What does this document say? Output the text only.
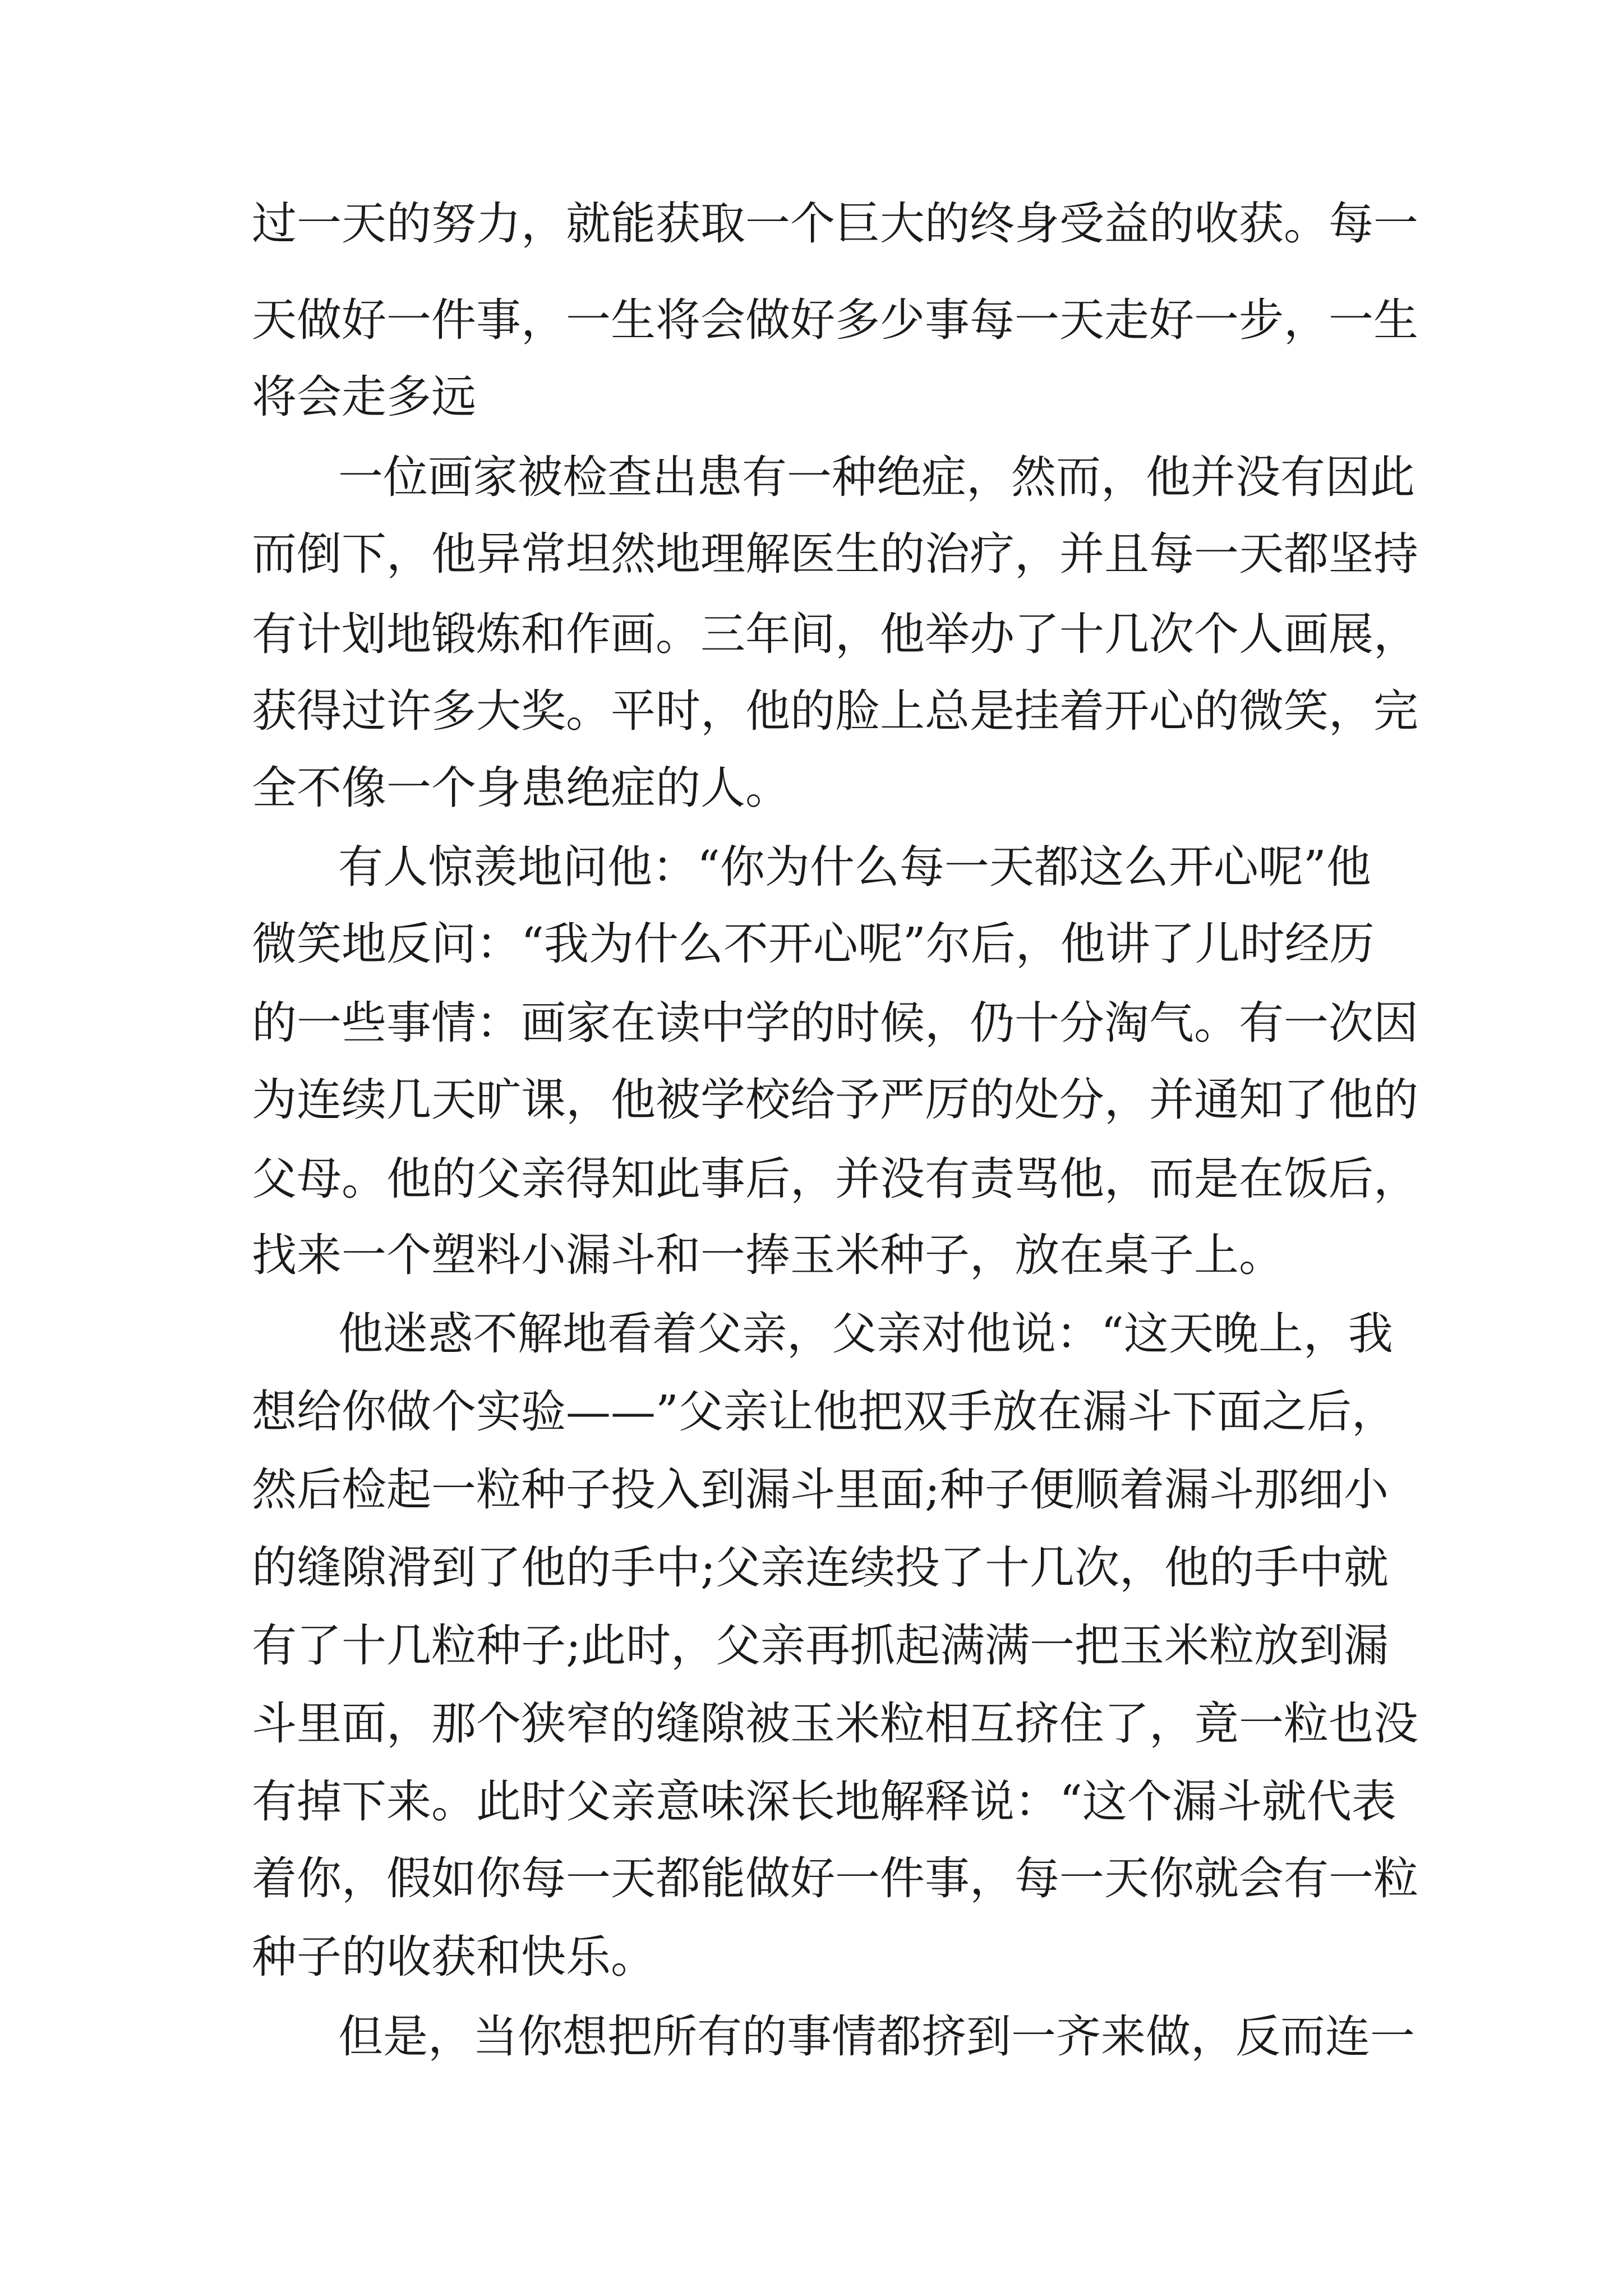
过一天的努力，就能获取一个巨大的终身受益的收获。每一
天做好一件事，一生将会做好多少事每一天走好一步，一生
将会走多远
一位画家被检查出患有一种绝症，然而，他并没有因此
而倒下，他异常坦然地理解医生的治疗，并且每一天都坚持
有计划地锻炼和作画。三年间，他举办了十几次个人画展，
获得过许多大奖。平时，他的脸上总是挂着开心的微笑，完
全不像一个身患绝症的人。
有人惊羡地问他：“你为什么每一天都这么开心呢”他
微笑地反问：“我为什么不开心呢”尔后，他讲了儿时经历
的一些事情：画家在读中学的时候，仍十分淘气。有一次因
为连续几天旷课，他被学校给予严厉的处分，并通知了他的
父母。他的父亲得知此事后，并没有责骂他，而是在饭后，
找来一个塑料小漏斗和一捧玉米种子，放在桌子上。
他迷惑不解地看着父亲，父亲对他说：“这天晚上，我
想给你做个实验——”父亲让他把双手放在漏斗下面之后，
然后检起一粒种子投入到漏斗里面;种子便顺着漏斗那细小
的缝隙滑到了他的手中;父亲连续投了十几次，他的手中就
有了十几粒种子;此时，父亲再抓起满满一把玉米粒放到漏
斗里面，那个狭窄的缝隙被玉米粒相互挤住了，竟一粒也没
有掉下来。此时父亲意味深长地解释说：“这个漏斗就代表
着你，假如你每一天都能做好一件事，每一天你就会有一粒
种子的收获和快乐。
但是，当你想把所有的事情都挤到一齐来做，反而连一
